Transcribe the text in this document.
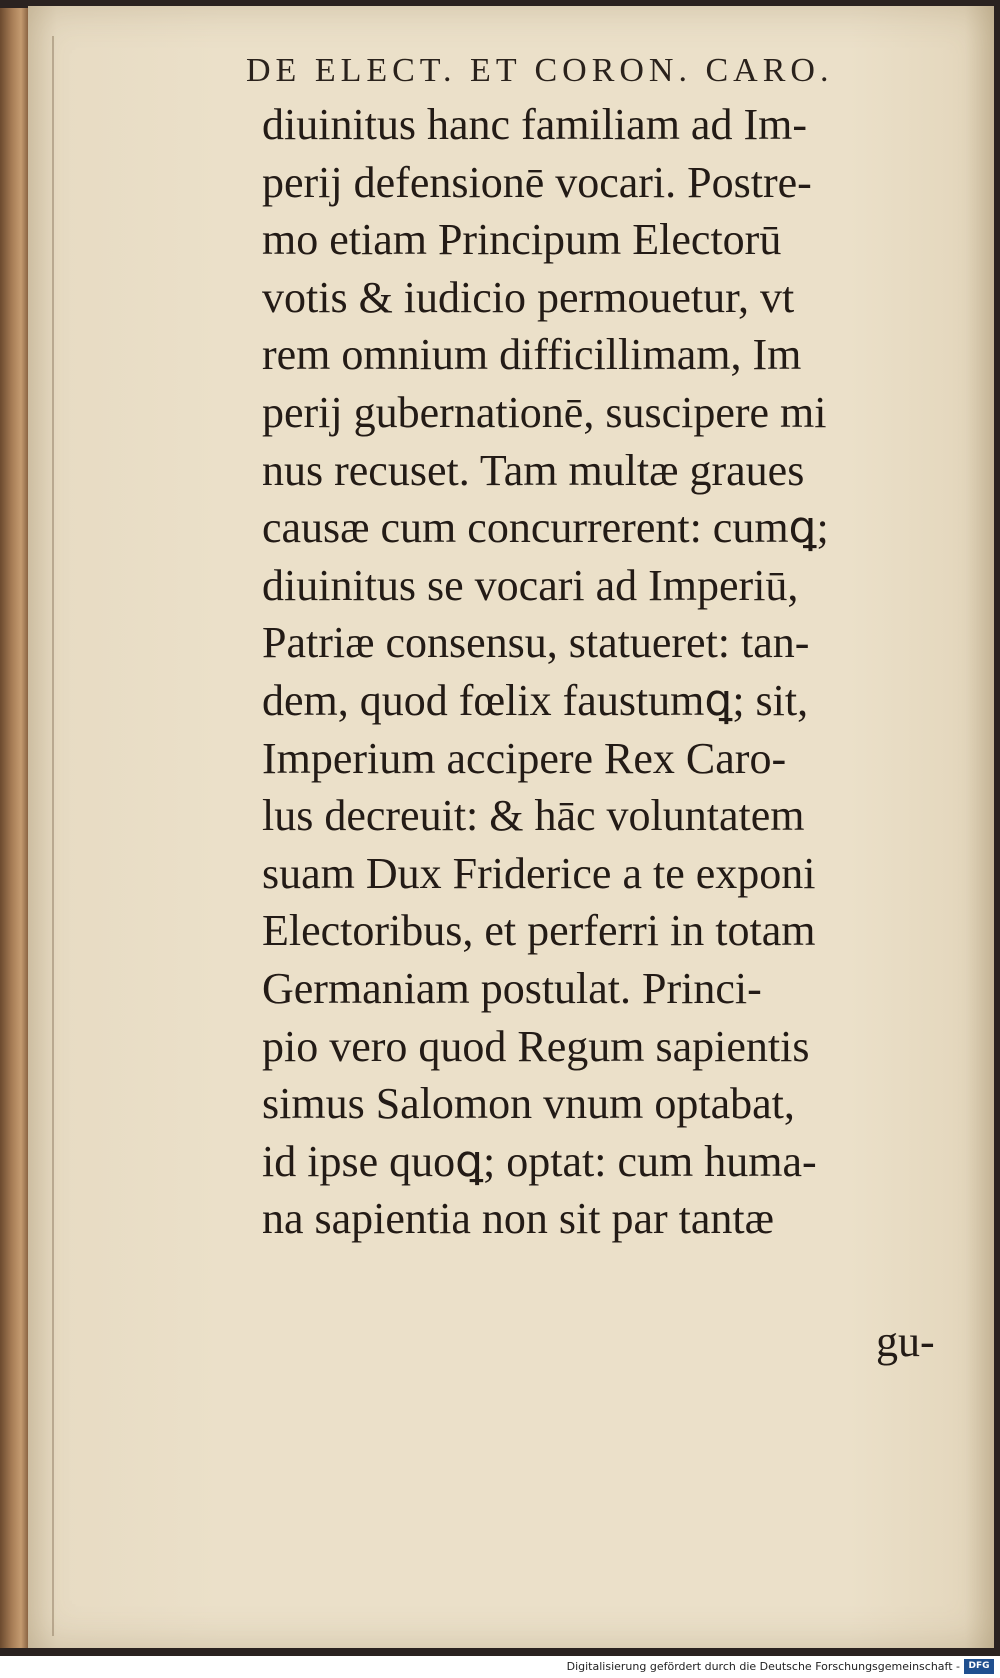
DE ELECT. ET CORON. CARO.
diuinitus hanc familiam ad Im-
perij defensionē vocari. Postre-
mo etiam Principum Electorū
votis & iudicio permouetur, vt
rem omnium difficillimam, Im
perij gubernationē, suscipere mi
nus recuset. Tam multæ graues
causæ cum concurrerent: cumꝗ;
diuinitus se vocari ad Imperiū,
Patriæ consensu, statueret: tan-
dem, quod fœlix faustumꝗ; sit,
Imperium accipere Rex Caro-
lus decreuit: & hāc voluntatem
suam Dux Friderice a te exponi
Electoribus, et perferri in totam
Germaniam postulat. Princi-
pio vero quod Regum sapientis
simus Salomon vnum optabat,
id ipse quoꝗ; optat: cum huma-
na sapientia non sit par tantæ
gu-
Digitalisierung gefördert durch die Deutsche Forschungsgemeinschaft - DFG
